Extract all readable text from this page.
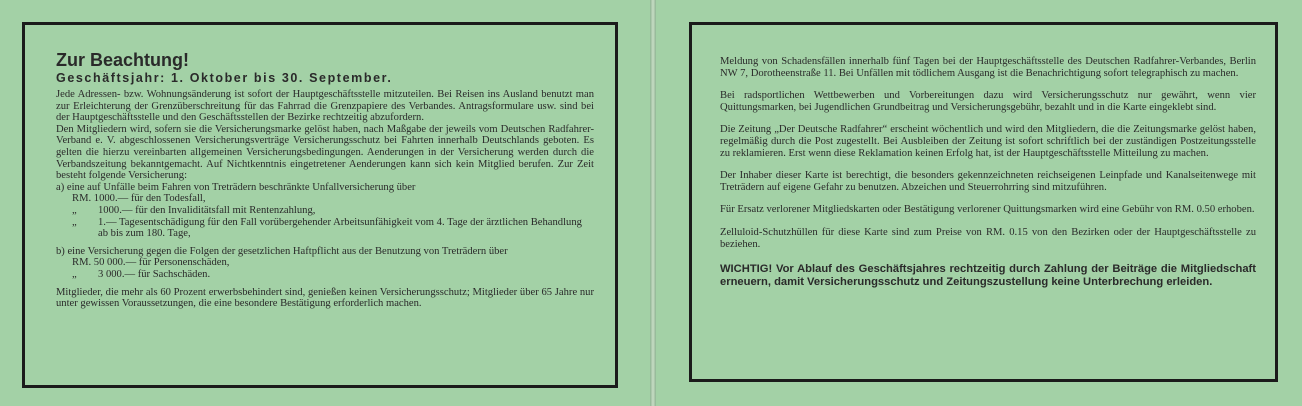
Zur Beachtung!
Geschäftsjahr: 1. Oktober bis 30. September.

Jede Adressen- bzw. Wohnungsänderung ist sofort der Hauptgeschäftsstelle mitzuteilen. Bei Reisen ins Ausland benutzt man zur Erleichterung der Grenzüberschreitung für das Fahrrad die Grenzpapiere des Verbandes. Antragsformulare usw. sind bei der Hauptgeschäftsstelle und den Geschäftsstellen der Bezirke rechtzeitig abzufordern.

Den Mitgliedern wird, sofern sie die Versicherungsmarke gelöst haben, nach Maßgabe der jeweils vom Deutschen Radfahrer-Verband e. V. abgeschlossenen Versicherungsverträge Versicherungsschutz bei Fahrten innerhalb Deutschlands geboten. Es gelten die hierzu vereinbarten allgemeinen Versicherungsbedingungen. Aenderungen in der Versicherung werden durch die Verbandszeitung bekanntgemacht. Auf Nichtkenntnis eingetretener Aenderungen kann sich kein Mitglied berufen. Zur Zeit besteht folgende Versicherung:

a) eine auf Unfälle beim Fahren von Treträdern beschränkte Unfallversicherung über

RM. 1000.— für den Todesfall,
„	1000.— für den Invaliditätsfall mit Rentenzahlung,
„	1.— Tagesentschädigung für den Fall vorübergehender Arbeitsunfähigkeit vom 4. Tage der ärztlichen Behandlung ab bis zum 180. Tage,

b) eine Versicherung gegen die Folgen der gesetzlichen Haftpflicht aus der Benutzung von Treträdern über

RM. 50 000.— für Personenschäden,
„	3 000.— für Sachschäden.

Mitglieder, die mehr als 60 Prozent erwerbsbehindert sind, genießen keinen Versicherungsschutz; Mitglieder über 65 Jahre nur unter gewissen Voraussetzungen, die eine besondere Bestätigung erforderlich machen.

Meldung von Schadensfällen innerhalb fünf Tagen bei der Hauptgeschäftsstelle des Deutschen Radfahrer-Verbandes, Berlin NW 7, Dorotheenstraße 11. Bei Unfällen mit tödlichem Ausgang ist die Benachrichtigung sofort telegraphisch zu machen.

Bei radsportlichen Wettbewerben und Vorbereitungen dazu wird Versicherungsschutz nur gewährt, wenn vier Quittungsmarken, bei Jugendlichen Grundbeitrag und Versicherungsgebühr, bezahlt und in die Karte eingeklebt sind.

Die Zeitung „Der Deutsche Radfahrer“ erscheint wöchentlich und wird den Mitgliedern, die die Zeitungsmarke gelöst haben, regelmäßig durch die Post zugestellt. Bei Ausbleiben der Zeitung ist sofort schriftlich bei der zuständigen Postzeitungsstelle zu reklamieren. Erst wenn diese Reklamation keinen Erfolg hat, ist der Hauptgeschäftsstelle Mitteilung zu machen.

Der Inhaber dieser Karte ist berechtigt, die besonders gekennzeichneten reichseigenen Leinpfade und Kanalseitenwege mit Treträdern auf eigene Gefahr zu benutzen. Abzeichen und Steuerrohrring sind mitzuführen.

Für Ersatz verlorener Mitgliedskarten oder Bestätigung verlorener Quittungsmarken wird eine Gebühr von RM. 0.50 erhoben.

Zelluloid-Schutzhüllen für diese Karte sind zum Preise von RM. 0.15 von den Bezirken oder der Hauptgeschäftsstelle zu beziehen.

WICHTIG! Vor Ablauf des Geschäftsjahres rechtzeitig durch Zahlung der Beiträge die Mitgliedschaft erneuern, damit Versicherungsschutz und Zeitungszustellung keine Unterbrechung erleiden.
